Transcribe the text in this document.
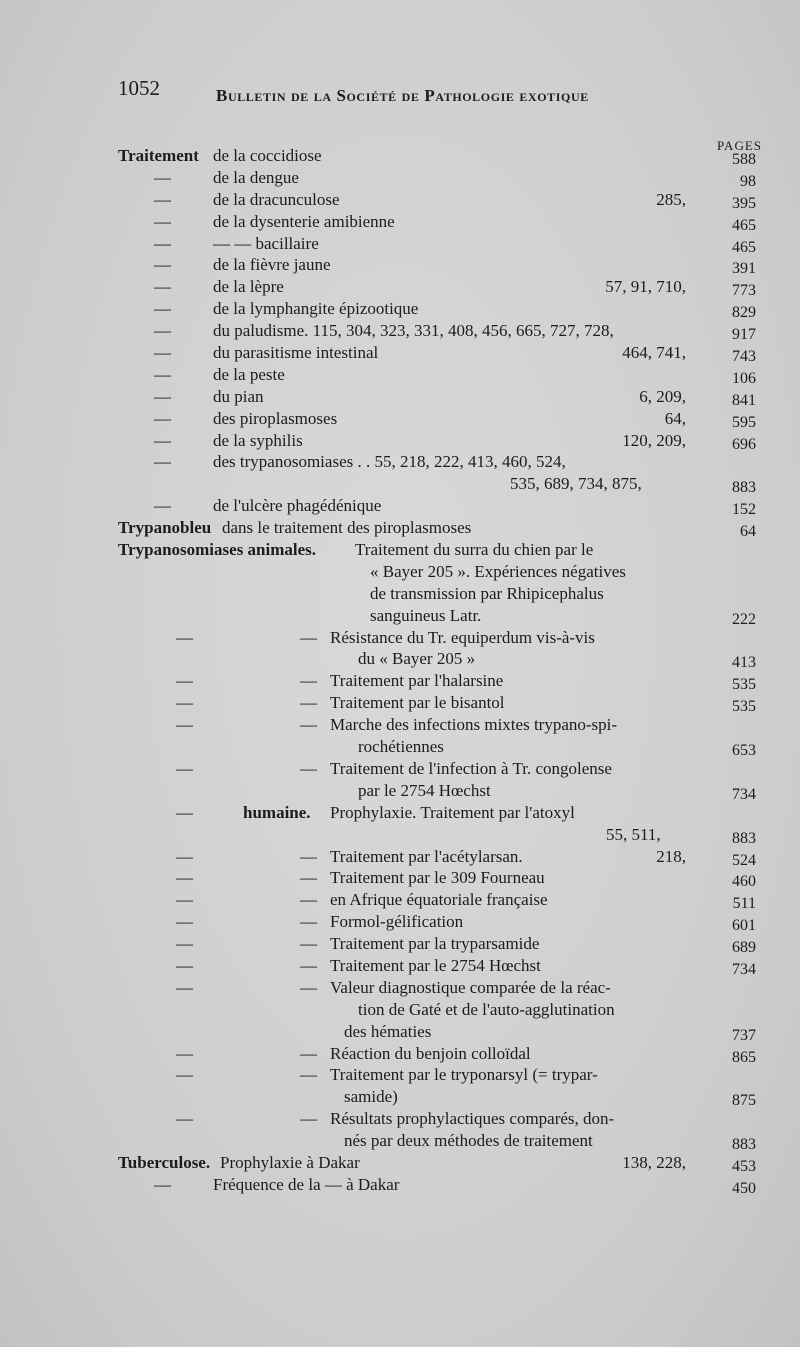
1052	Bulletin de la Société de Pathologie exotique
PAGES
Traitement de la coccidiose	588
— de la dengue	98
— de la dracunculose	285,	395
— de la dysenterie amibienne	465
— — — bacillaire	465
— de la fièvre jaune	391
— de la lèpre	57, 91, 710,	773
— de la lymphangite épizootique	829
— du paludisme. 115, 304, 323, 331, 408, 456, 665, 727, 728,	917
— du parasitisme intestinal	464, 741,	743
— de la peste	106
— du pian	6, 209,	841
— des piroplasmoses	64,	595
— de la syphilis	120, 209,	696
— des trypanosomiases . . 55, 218, 222, 413, 460, 524,
535, 689, 734, 875,	883
— de l'ulcère phagédénique	152
Trypanobleu dans le traitement des piroplasmoses	64
Trypanosomiases animales. Traitement du surra du chien par le
« Bayer 205 ». Expériences négatives
de transmission par Rhipicephalus
sanguineus Latr.	222
—	— Résistance du Tr. equiperdum vis-à-vis
du « Bayer 205 »	413
—	— Traitement par l'halarsine	535
—	— Traitement par le bisantol	535
—	— Marche des infections mixtes trypano-spi-
rochétiennes	653
—	— Traitement de l'infection à Tr. congolense
par le 2754 Hœchst	734
—	humaine. Prophylaxie. Traitement par l'atoxyl
55, 511,	883
—	— Traitement par l'acétylarsan.	218,	524
—	— Traitement par le 309 Fourneau	460
—	— en Afrique équatoriale française	511
—	— Formol-gélification	601
—	— Traitement par la tryparsamide	689
—	— Traitement par le 2754 Hœchst	734
—	— Valeur diagnostique comparée de la réac-
tion de Gaté et de l'auto-agglutination
des hématies	737
—	— Réaction du benjoin colloïdal	865
—	— Traitement par le tryponarsyl (= trypar-
samide)	875
—	— Résultats prophylactiques comparés, don-
nés par deux méthodes de traitement	883
Tuberculose. Prophylaxie à Dakar	138, 228,	453
— Fréquence de la — à Dakar	450
